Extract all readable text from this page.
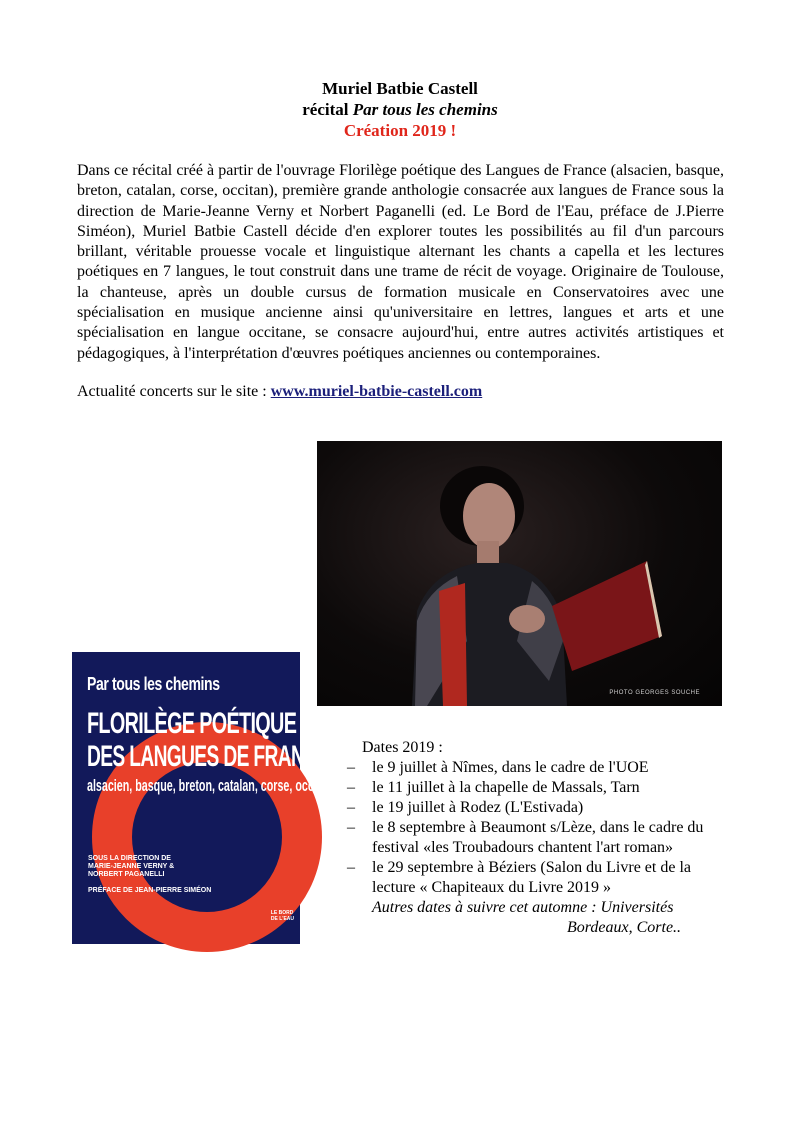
Muriel Batbie Castell
récital Par tous les chemins
Création 2019 !

Dans ce récital créé à partir de l'ouvrage Florilège poétique des Langues de France (alsacien, basque, breton, catalan, corse, occitan), première grande anthologie consacrée aux langues de France sous la direction de Marie-Jeanne Verny et Norbert Paganelli (ed. Le Bord de l'Eau, préface de J.Pierre Siméon), Muriel Batbie Castell décide d'en explorer toutes les possibilités au fil d'un parcours brillant, véritable prouesse vocale et linguistique alternant les chants a capella et les lectures poétiques en 7 langues, le tout construit dans une trame de récit de voyage. Originaire de Toulouse, la chanteuse, après un double cursus de formation musicale en Conservatoires avec une spécialisation en musique ancienne ainsi qu'universitaire en lettres, langues et arts et une spécialisation en langue occitane, se consacre aujourd'hui, entre autres activités artistiques et pédagogiques, à l'interprétation d'œuvres poétiques anciennes ou contemporaines.

Actualité concerts sur le site : www.muriel-batbie-castell.com
PHOTO GEORGES SOUCHE
Par tous les chemins
FLORILÈGE POÉTIQUE
DES LANGUES DE FRANCE
alsacien, basque, breton, catalan, corse, occitan
SOUS LA DIRECTION DE
MARIE-JEANNE VERNY &
NORBERT PAGANELLI
PRÉFACE DE JEAN-PIERRE SIMÉON
LE BORD
DE L'EAU
Dates 2019 :
– le 9 juillet à Nîmes, dans le cadre de l'UOE
– le 11 juillet à la chapelle de Massals, Tarn
– le 19 juillet à Rodez (L'Estivada)
– le 8 septembre à Beaumont s/Lèze, dans le cadre du
festival «les Troubadours chantent l'art roman»
– le 29 septembre à Béziers (Salon du Livre et de la
lecture « Chapiteaux du Livre 2019 »
Autres dates à suivre cet automne : Universités
Bordeaux, Corte..
